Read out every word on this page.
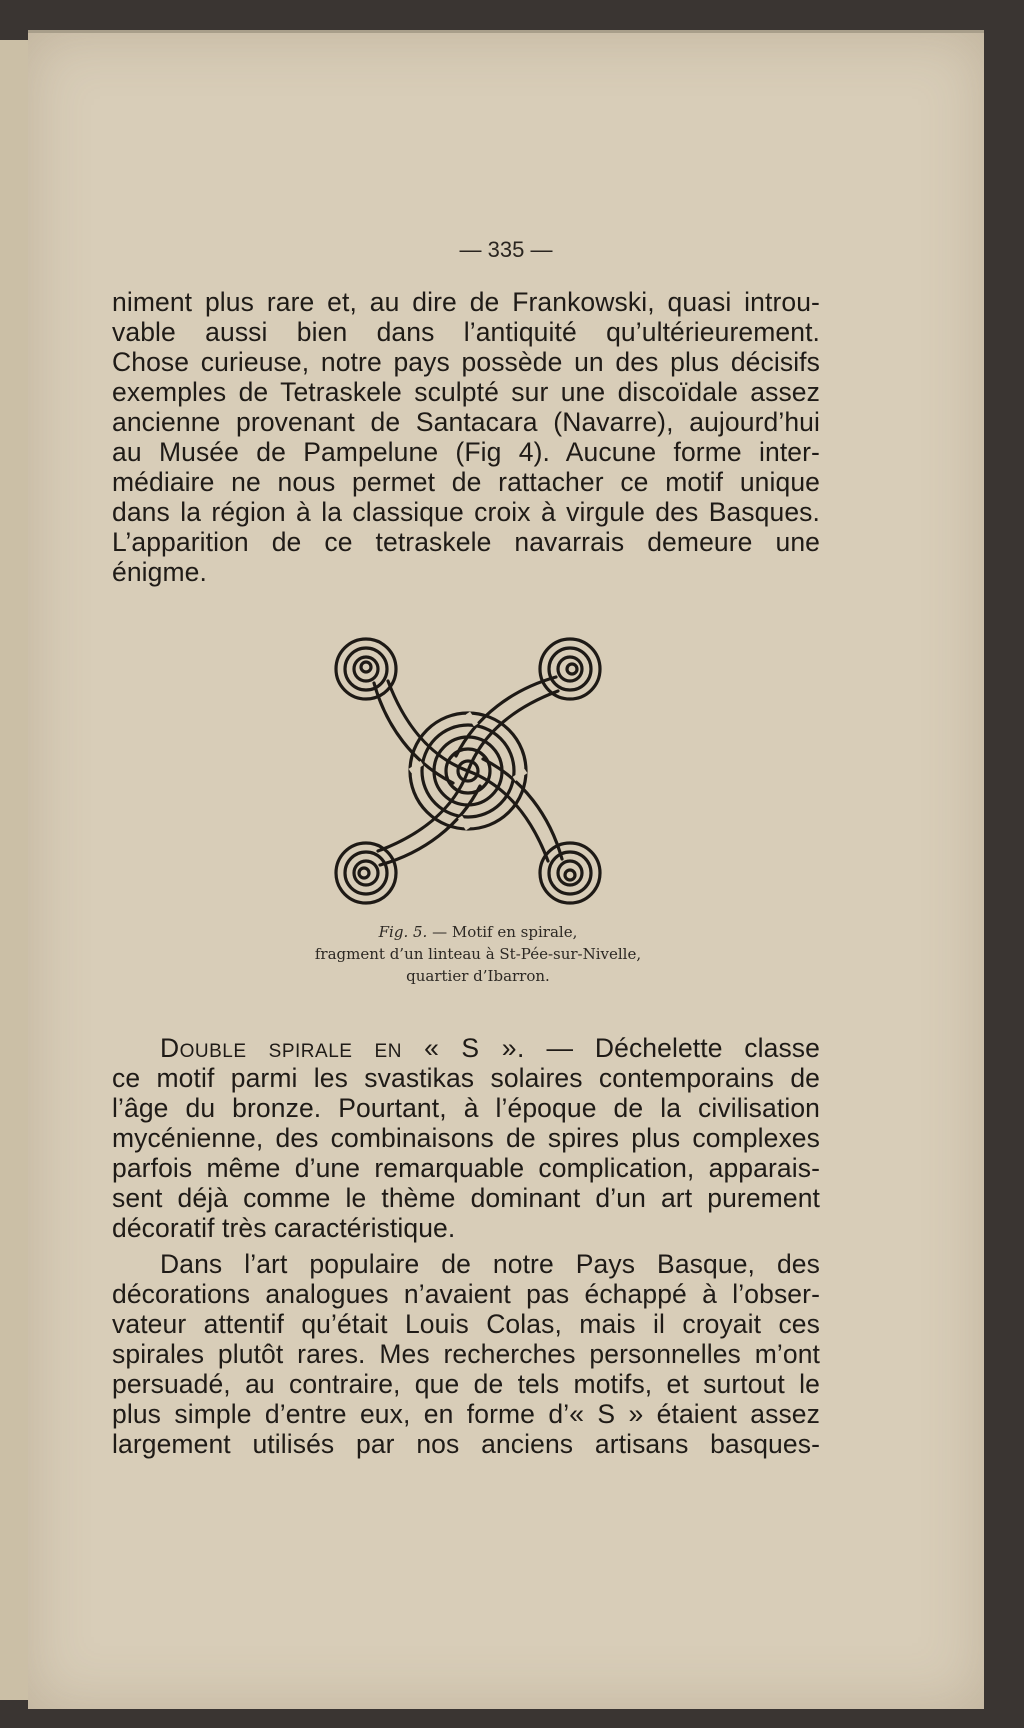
— 335 —
niment plus rare et, au dire de Frankowski, quasi introu-
vable aussi bien dans l’antiquité qu’ultérieurement.
Chose curieuse, notre pays possède un des plus décisifs
exemples de Tetraskele sculpté sur une discoïdale assez
ancienne provenant de Santacara (Navarre), aujourd’hui
au Musée de Pampelune (Fig 4). Aucune forme inter-
médiaire ne nous permet de rattacher ce motif unique
dans la région à la classique croix à virgule des Basques.
L’apparition de ce tetraskele navarrais demeure une
énigme.
Fig. 5. — Motif en spirale,
fragment d’un linteau à St-Pée-sur-Nivelle,
quartier d’Ibarron.
Double spirale en « S ». — Déchelette classe
ce motif parmi les svastikas solaires contemporains de
l’âge du bronze. Pourtant, à l’époque de la civilisation
mycénienne, des combinaisons de spires plus complexes
parfois même d’une remarquable complication, apparais-
sent déjà comme le thème dominant d’un art purement
décoratif très caractéristique.
Dans l’art populaire de notre Pays Basque, des
décorations analogues n’avaient pas échappé à l’obser-
vateur attentif qu’était Louis Colas, mais il croyait ces
spirales plutôt rares. Mes recherches personnelles m’ont
persuadé, au contraire, que de tels motifs, et surtout le
plus simple d’entre eux, en forme d’« S » étaient assez
largement utilisés par nos anciens artisans basques-
